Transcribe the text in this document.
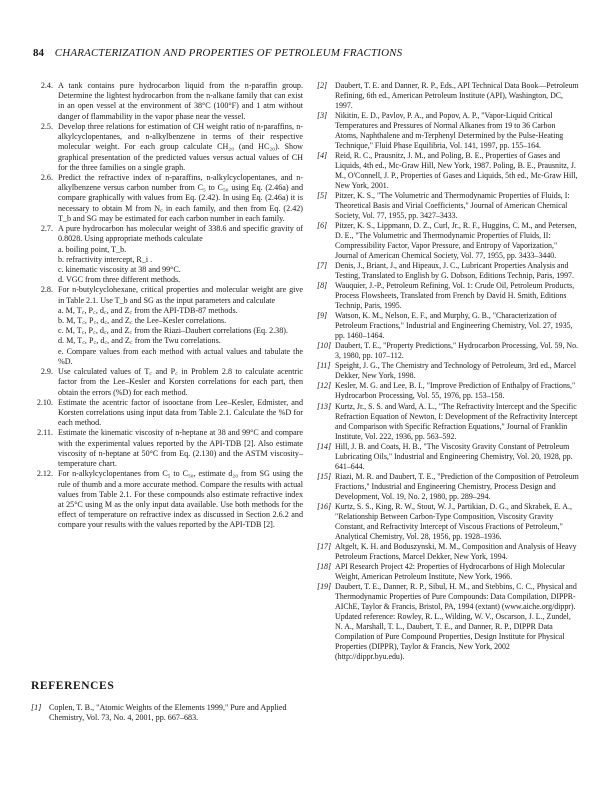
84 CHARACTERIZATION AND PROPERTIES OF PETROLEUM FRACTIONS
2.4. A tank contains pure hydrocarbon liquid from the n-paraffin group. Determine the lightest hydrocarbon from the n-alkane family that can exist in an open vessel at the environment of 38°C (100°F) and 1 atm without danger of flammability in the vapor phase near the vessel.
2.5. Develop three relations for estimation of CH weight ratio of n-paraffins, n-alkylcyclopentanes, and n-alkylbenzene in terms of their respective molecular weight. For each group calculate CH₂₀ (and HC₂₀). Show graphical presentation of the predicted values versus actual values of CH for the three families on a single graph.
2.6. Predict the refractive index of n-paraffins, n-alkylcyclopentanes, and n-alkylbenzene versus carbon number from C₅ to C₅₀ using Eq. (2.46a) and compare graphically with values from Eq. (2.42). In using Eq. (2.46a) it is necessary to obtain M from N꜀ in each family, and then from Eq. (2.42) T_b and SG may be estimated for each carbon number in each family.
2.7. A pure hydrocarbon has molecular weight of 338.6 and specific gravity of 0.8028. Using appropriate methods calculate
a. boiling point, T_b.
b. refractivity intercept, R_i .
c. kinematic viscosity at 38 and 99°C.
d. VGC from three different methods.
2.8. For n-butylcyclohexane, critical properties and molecular weight are give in Table 2.1. Use T_b and SG as the input parameters and calculate
a. M, T꜀, P꜀, d꜀, and Z꜀ from the API-TDB-87 methods.
b. M, T꜀, P꜀, d꜀, and Z꜀ the Lee–Kesler correlations.
c. M, T꜀, P꜀, d꜀, and Z꜀ from the Riazi–Daubert correlations (Eq. 2.38).
d. M, T꜀, P꜀, d꜀, and Z꜀ from the Twu correlations.
e. Compare values from each method with actual values and tabulate the %D.
2.9. Use calculated values of T꜀ and P꜀ in Problem 2.8 to calculate acentric factor from the Lee–Kesler and Korsten correlations for each part, then obtain the errors (%D) for each method.
2.10. Estimate the acentric factor of isooctane from Lee–Kesler, Edmister, and Korsten correlations using input data from Table 2.1. Calculate the %D for each method.
2.11. Estimate the kinematic viscosity of n-heptane at 38 and 99°C and compare with the experimental values reported by the API-TDB [2]. Also estimate viscosity of n-heptane at 50°C from Eq. (2.130) and the ASTM viscosity–temperature chart.
2.12. For n-alkylcyclopentanes from C₅ to C₅₀, estimate d₂₀ from SG using the rule of thumb and a more accurate method. Compare the results with actual values from Table 2.1. For these compounds also estimate refractive index at 25°C using M as the only input data available. Use both methods for the effect of temperature on refractive index as discussed in Section 2.6.2 and compare your results with the values reported by the API-TDB [2].
REFERENCES
[1] Coplen, T. B., "Atomic Weights of the Elements 1999," Pure and Applied Chemistry, Vol. 73, No. 4, 2001, pp. 667–683.
[2] Daubert, T. E. and Danner, R. P., Eds., API Technical Data Book—Petroleum Refining, 6th ed., American Petroleum Institute (API), Washington, DC, 1997.
[3] Nikitin, E. D., Pavlov, P. A., and Popov, A. P., "Vapor-Liquid Critical Temperatures and Pressures of Normal Alkanes from 19 to 36 Carbon Atoms, Naphthalene and m-Terphenyl Determined by the Pulse-Heating Technique," Fluid Phase Equilibria, Vol. 141, 1997, pp. 155–164.
[4] Reid, R. C., Prausnitz, J. M., and Poling, B. E., Properties of Gases and Liquids, 4th ed., Mc-Graw Hill, New York, 1987. Poling, B. E., Prausnitz, J. M., O'Connell, J. P., Properties of Gases and Liquids, 5th ed., Mc-Graw Hill, New York, 2001.
[5] Pitzer, K. S., "The Volumetric and Thermodynamic Properties of Fluids, I: Theoretical Basis and Virial Coefficients," Journal of American Chemical Society, Vol. 77, 1955, pp. 3427–3433.
[6] Pitzer, K. S., Lippmann, D. Z., Curl, Jr., R. F., Huggins, C. M., and Petersen, D. E., "The Volumetric and Thermodynamic Properties of Fluids, II: Compressibility Factor, Vapor Pressure, and Entropy of Vaporization," Journal of American Chemical Society, Vol. 77, 1955, pp. 3433–3440.
[7] Denis, J., Briant, J., and Hipeaux, J. C., Lubricant Properties Analysis and Testing, Translated to English by G. Dobson, Editions Technip, Paris, 1997.
[8] Wauquier, J.-P., Petroleum Refining, Vol. 1: Crude Oil, Petroleum Products, Process Flowsheets, Translated from French by David H. Smith, Editions Technip, Paris, 1995.
[9] Watson, K. M., Nelson, E. F., and Murphy, G. B., "Characterization of Petroleum Fractions," Industrial and Engineering Chemistry, Vol. 27, 1935, pp. 1460–1464.
[10] Daubert, T. E., "Property Predictions," Hydrocarbon Processing, Vol. 59, No. 3, 1980, pp. 107–112.
[11] Speight, J. G., The Chemistry and Technology of Petroleum, 3rd ed., Marcel Dekker, New York, 1998.
[12] Kesler, M. G. and Lee, B. I., "Improve Prediction of Enthalpy of Fractions," Hydrocarbon Processing, Vol. 55, 1976, pp. 153–158.
[13] Kurtz, Jr., S. S. and Ward, A. L., "The Refractivity Intercept and the Specific Refraction Equation of Newton, I: Development of the Refractivity Intercept and Comparison with Specific Refraction Equations," Journal of Franklin Institute, Vol. 222, 1936, pp. 563–592.
[14] Hill, J. B. and Coats, H. B., "The Viscosity Gravity Constant of Petroleum Lubricating Oils," Industrial and Engineering Chemistry, Vol. 20, 1928, pp. 641–644.
[15] Riazi, M. R. and Daubert, T. E., "Prediction of the Composition of Petroleum Fractions," Industrial and Engineering Chemistry, Process Design and Development, Vol. 19, No. 2, 1980, pp. 289–294.
[16] Kurtz, S. S., King, R. W., Stout, W. J., Partikian, D. G., and Skrabek, E. A., "Relationship Between Carbon-Type Composition, Viscosity Gravity Constant, and Refractivity Intercept of Viscous Fractions of Petroleum," Analytical Chemistry, Vol. 28, 1956, pp. 1928–1936.
[17] Altgelt, K. H. and Boduszynski, M. M., Composition and Analysis of Heavy Petroleum Fractions, Marcel Dekker, New York, 1994.
[18] API Research Project 42: Properties of Hydrocarbons of High Molecular Weight, American Petroleum Institute, New York, 1966.
[19] Daubert, T. E., Danner, R. P., Sibul, H. M., and Stebbins, C. C., Physical and Thermodynamic Properties of Pure Compounds: Data Compilation, DIPPR-AIChE, Taylor & Francis, Bristol, PA, 1994 (extant) (www.aiche.org/dippr). Updated reference: Rowley, R. L., Wilding, W. V., Oscarson, J. L., Zundel, N. A., Marshall, T. L., Daubert, T. E., and Danner, R. P., DIPPR Data Compilation of Pure Compound Properties, Design Institute for Physical Properties (DIPPR), Taylor & Francis, New York, 2002 (http://dippr.byu.edu).
